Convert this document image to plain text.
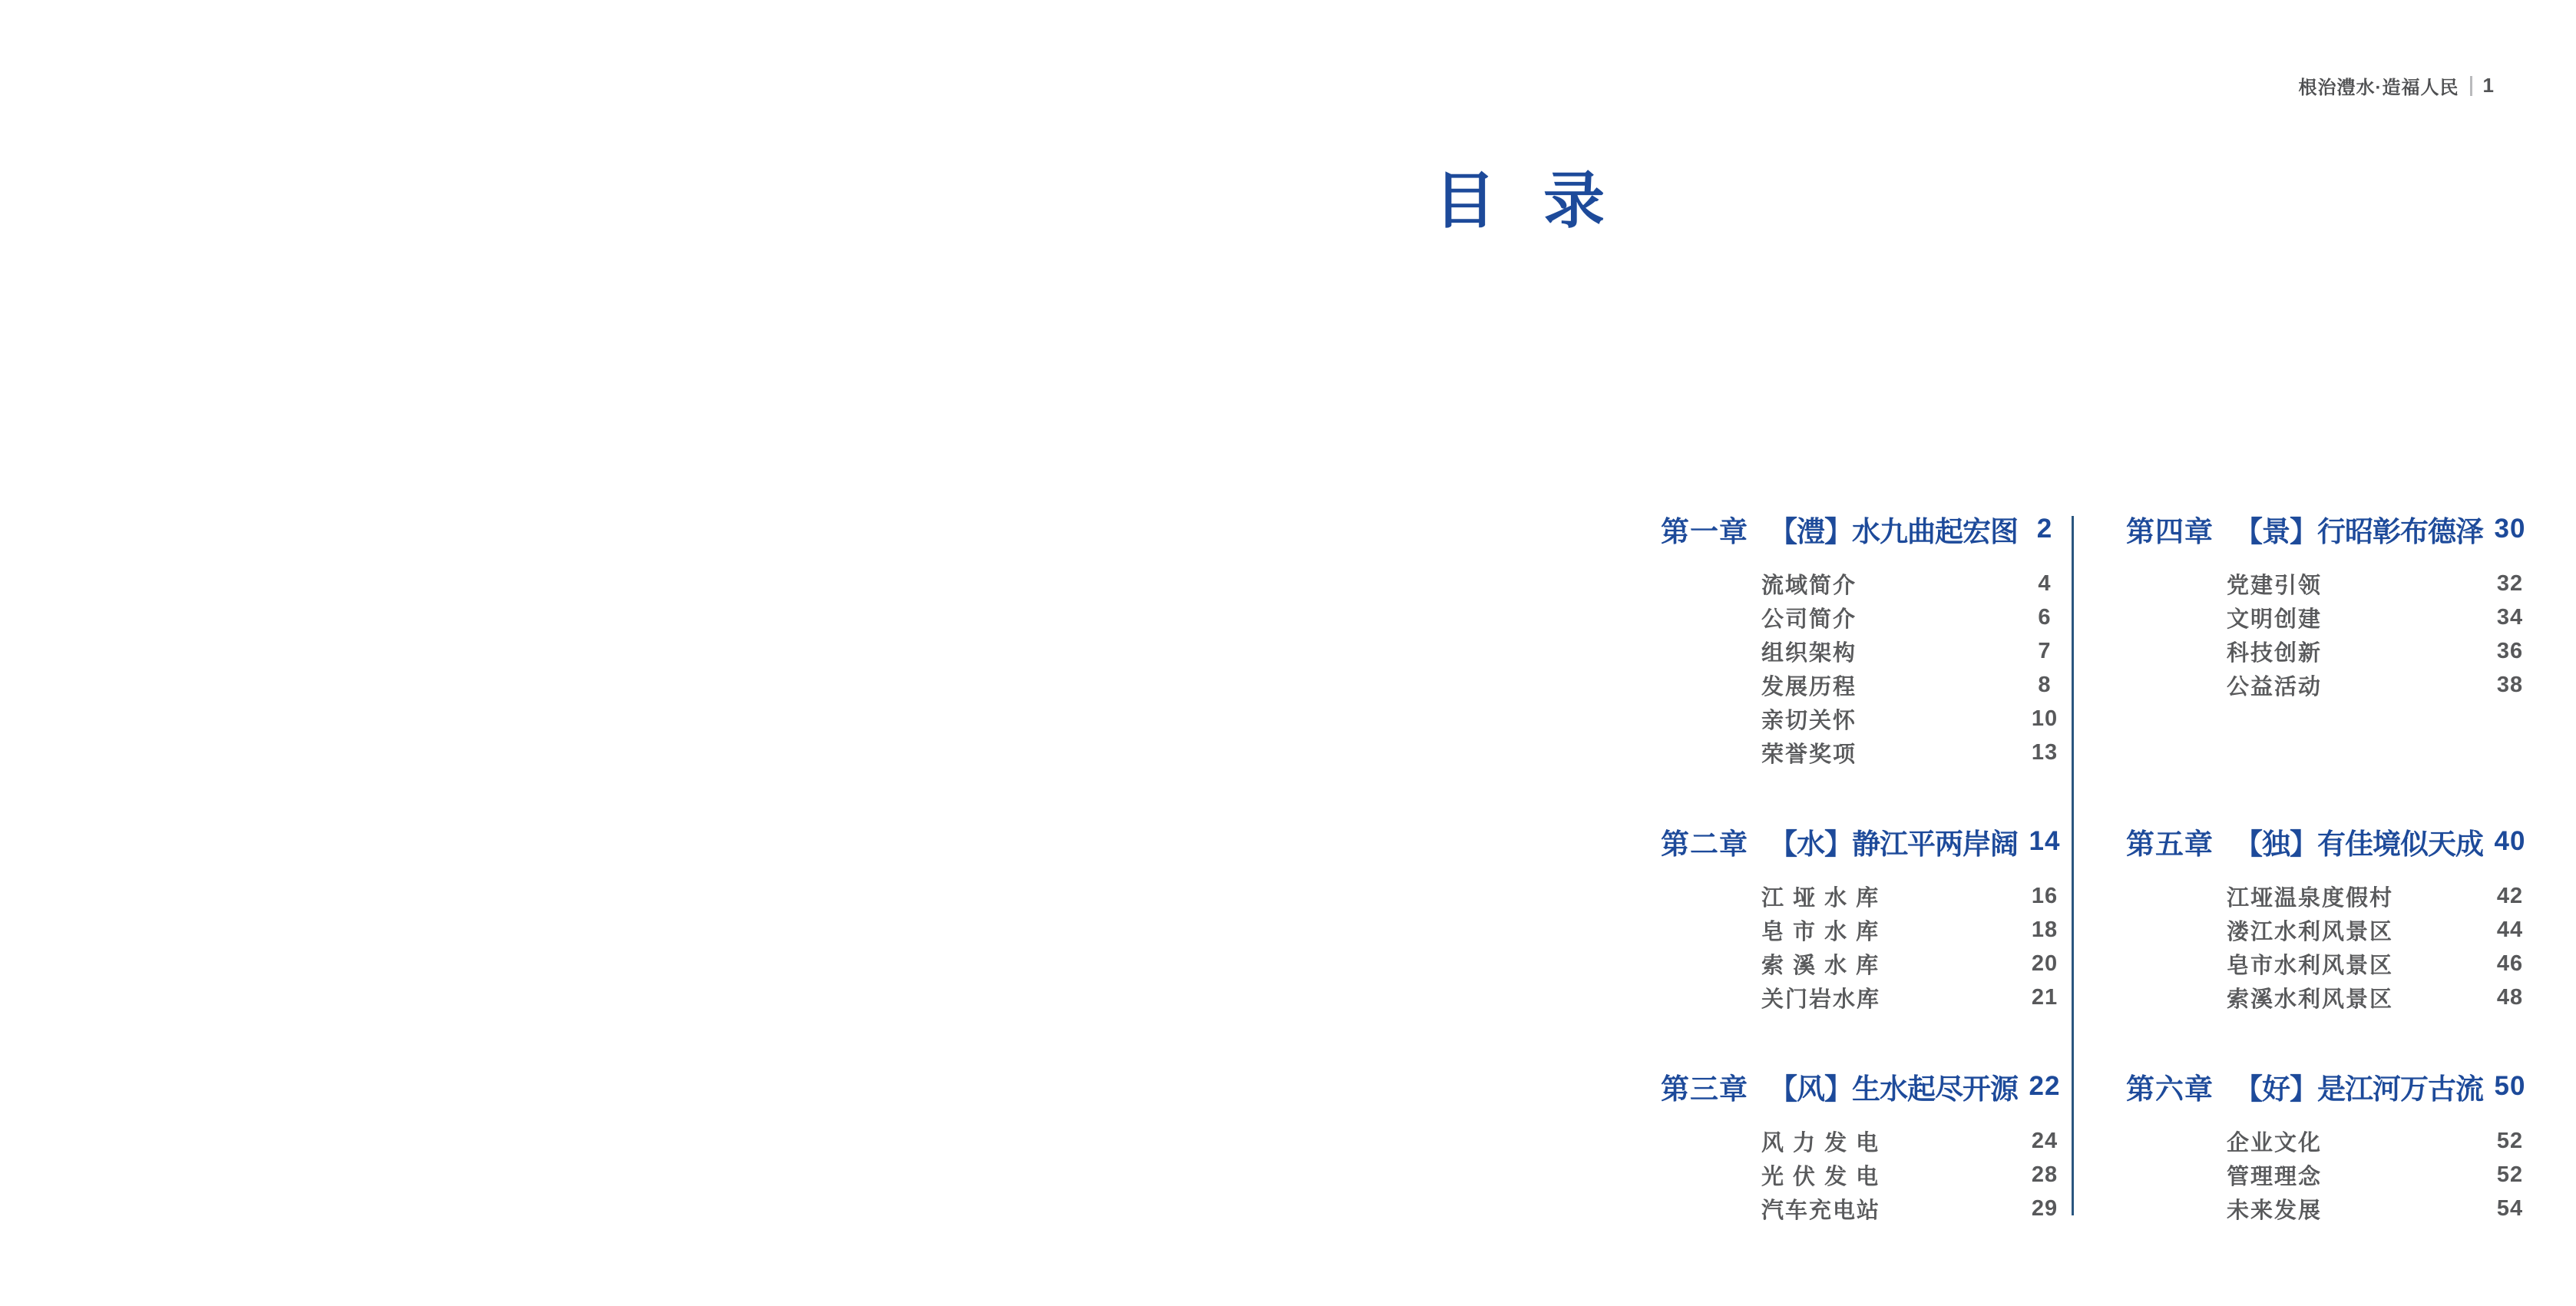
根治澧水·造福人民 1
目 录
第一章 【澧】水九曲起宏图 2
流域简介	4
公司简介	6
组织架构	7
发展历程	8
亲切关怀	10
荣誉奖项	13
第二章 【水】静江平两岸阔 14
江 垭 水 库	16
皂 市 水 库	18
索 溪 水 库	20
关门岩水库	21
第三章 【风】生水起尽开源 22
风 力 发 电	24
光 伏 发 电	28
汽车充电站	29
第四章 【景】行昭彰布德泽 30
党建引领	32
文明创建	34
科技创新	36
公益活动	38
第五章 【独】有佳境似天成 40
江垭温泉度假村	42
溇江水利风景区	44
皂市水利风景区	46
索溪水利风景区	48
第六章 【好】是江河万古流 50
企业文化	52
管理理念	52
未来发展	54
